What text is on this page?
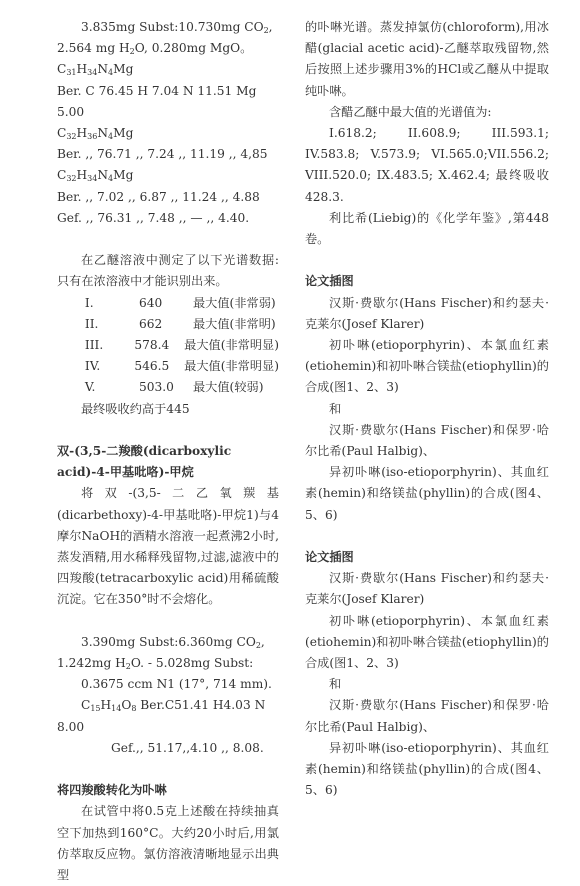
3.835mg Subst:10.730mg $CO_2$,

2.564 mg $H_2O$, 0.280mg MgO。

$C_{31}H_{34}N_4Mg$

Ber. C 76.45 H 7.04 N 11.51 Mg 5.00

$C_{32}H_{36}N_4Mg$

Ber. ,, 76.71 ,, 7.24 ,, 11.19 ,, 4,85

$C_{32}H_{34}N_4Mg$

Ber. ,, 7.02 ,, 6.87 ,, 11.24 ,, 4.88

Gef. ,, 76.31 ,, 7.48 ,, — ,, 4.40.

在乙醚溶液中测定了以下光谱数据:只有在浓溶液中才能识别出来。

I.	640	最大值(非常弱)
II.	662	最大值(非常明)
III.	578.4	最大值(非常明显)
IV.	546.5	最大值(非常明显)
V.	503.0	最大值(较弱)

最终吸收约高于445

双-(3,5-二羧酸(dicarboxylic acid)-4-甲基吡咯)-甲烷

将双-(3,5-二乙氧羰基(dicarbethoxy)-4-甲基吡咯)-甲烷1)与4摩尔NaOH的酒精水溶液一起煮沸2小时,蒸发酒精,用水稀释残留物,过滤,滤液中的四羧酸(tetracarboxylic acid)用稀硫酸沉淀。它在350°时不会熔化。

3.390mg Subst:6.360mg $CO_2$,

1.242mg $H_2O$. - 5.028mg Subst:

0.3675 ccm N1 (17°, 714 mm).

$C_{15}H_{14}O_8$ Ber.C51.41 H4.03 N 8.00

Gef.,, 51.17,,4.10 ,, 8.08.

将四羧酸转化为卟啉

在试管中将0.5克上述酸在持续抽真空下加热到160°C。大约20小时后,用氯仿萃取反应物。氯仿溶液清晰地显示出典型

的卟啉光谱。蒸发掉氯仿(chloroform),用冰醋(glacial acetic acid)-乙醚萃取残留物,然后按照上述步骤用3%的HCl或乙醚从中提取纯卟啉。

含醋乙醚中最大值的光谱值为:

I.618.2; II.608.9; III.593.1; IV.583.8; V.573.9; VI.565.0;VII.556.2; VIII.520.0; IX.483.5; X.462.4; 最终吸收428.3.

利比希(Liebig)的《化学年鉴》,第448卷。

论文插图

汉斯·费歇尔(Hans Fischer)和约瑟夫·克莱尔(Josef Klarer)

初卟啉(etioporphyrin)、本氯血红素(etiohemin)和初卟啉合镁盐(etiophyllin)的合成(图1、2、3)

和

汉斯·费歇尔(Hans Fischer)和保罗·哈尔比希(Paul Halbig)、

异初卟啉(iso-etioporphyrin)、其血红素(hemin)和络镁盐(phyllin)的合成(图4、5、6)

论文插图

汉斯·费歇尔(Hans Fischer)和约瑟夫·克莱尔(Josef Klarer)

初卟啉(etioporphyrin)、本氯血红素(etiohemin)和初卟啉合镁盐(etiophyllin)的合成(图1、2、3)

和

汉斯·费歇尔(Hans Fischer)和保罗·哈尔比希(Paul Halbig)、

异初卟啉(iso-etioporphyrin)、其血红素(hemin)和络镁盐(phyllin)的合成(图4、5、6)
